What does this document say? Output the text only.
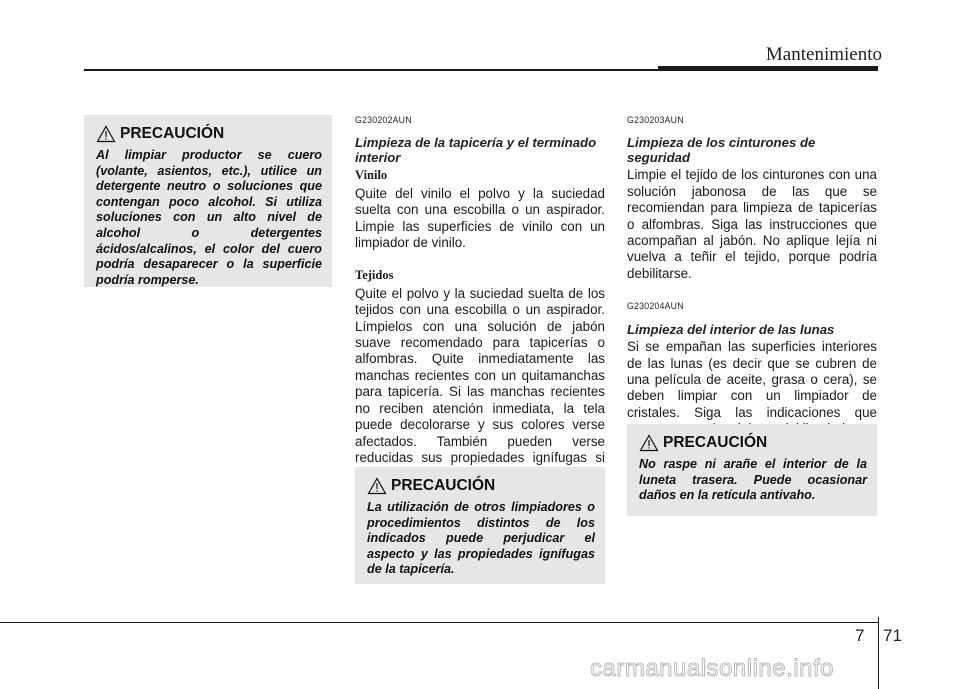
Mantenimiento
PRECAUCIÓN

Al limpiar productor se cuero (volante, asientos, etc.), utilice un detergente neutro o soluciones que contengan poco alcohol. Si utiliza soluciones con un alto nivel de alcohol o detergentes ácidos/alcalinos, el color del cuero podría desaparecer o la superficie podría romperse.

G230202AUN

Limpieza de la tapicería y el terminado interior

Vinilo

Quite del vinilo el polvo y la suciedad suelta con una escobilla o un aspirador. Limpie las superficies de vinilo con un limpiador de vinilo.

Tejidos

Quite el polvo y la suciedad suelta de los tejidos con una escobilla o un aspirador. Límpielos con una solución de jabón suave recomendado para tapicerías o alfombras. Quite inmediatamente las manchas recientes con un quitamanchas para tapicería. Si las manchas recientes no reciben atención inmediata, la tela puede decolorarse y sus colores verse afectados. También pueden verse reducidas sus propiedades ignífugas si

PRECAUCIÓN

La utilización de otros limpiadores o procedimientos distintos de los indicados puede perjudicar el aspecto y las propiedades ignífugas de la tapicería.

G230203AUN

Limpieza de los cinturones de seguridad

Limpie el tejido de los cinturones con una solución jabonosa de las que se recomiendan para limpieza de tapicerías o alfombras. Siga las instrucciones que acompañan al jabón. No aplique lejía ni vuelva a teñir el tejido, porque podría debilitarse.

G230204AUN

Limpieza del interior de las lunas

Si se empañan las superficies interiores de las lunas (es decir que se cubren de una película de aceite, grasa o cera), se deben limpiar con un limpiador de cristales. Siga las indicaciones que

PRECAUCIÓN

No raspe ni arañe el interior de la luneta trasera. Puede ocasionar daños en la retícula antivaho.

7 71
carmanualsonline.info
